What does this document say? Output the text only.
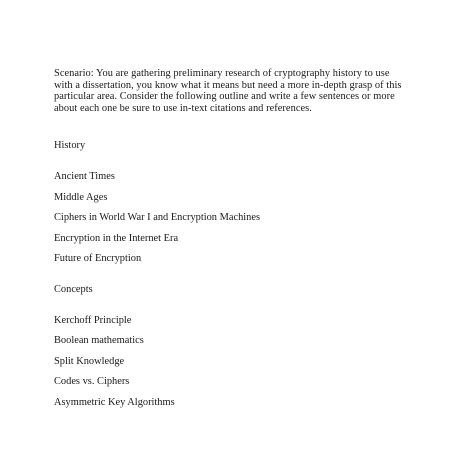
Scenario: You are gathering preliminary research of cryptography history to use with a dissertation, you know what it means but need a more in-depth grasp of this particular area. Consider the following outline and write a few sentences or more about each one be sure to use in-text citations and references.

History

Ancient Times

Middle Ages

Ciphers in World War I and Encryption Machines

Encryption in the Internet Era

Future of Encryption

Concepts

Kerchoff Principle

Boolean mathematics

Split Knowledge

Codes vs. Ciphers

Asymmetric Key Algorithms
